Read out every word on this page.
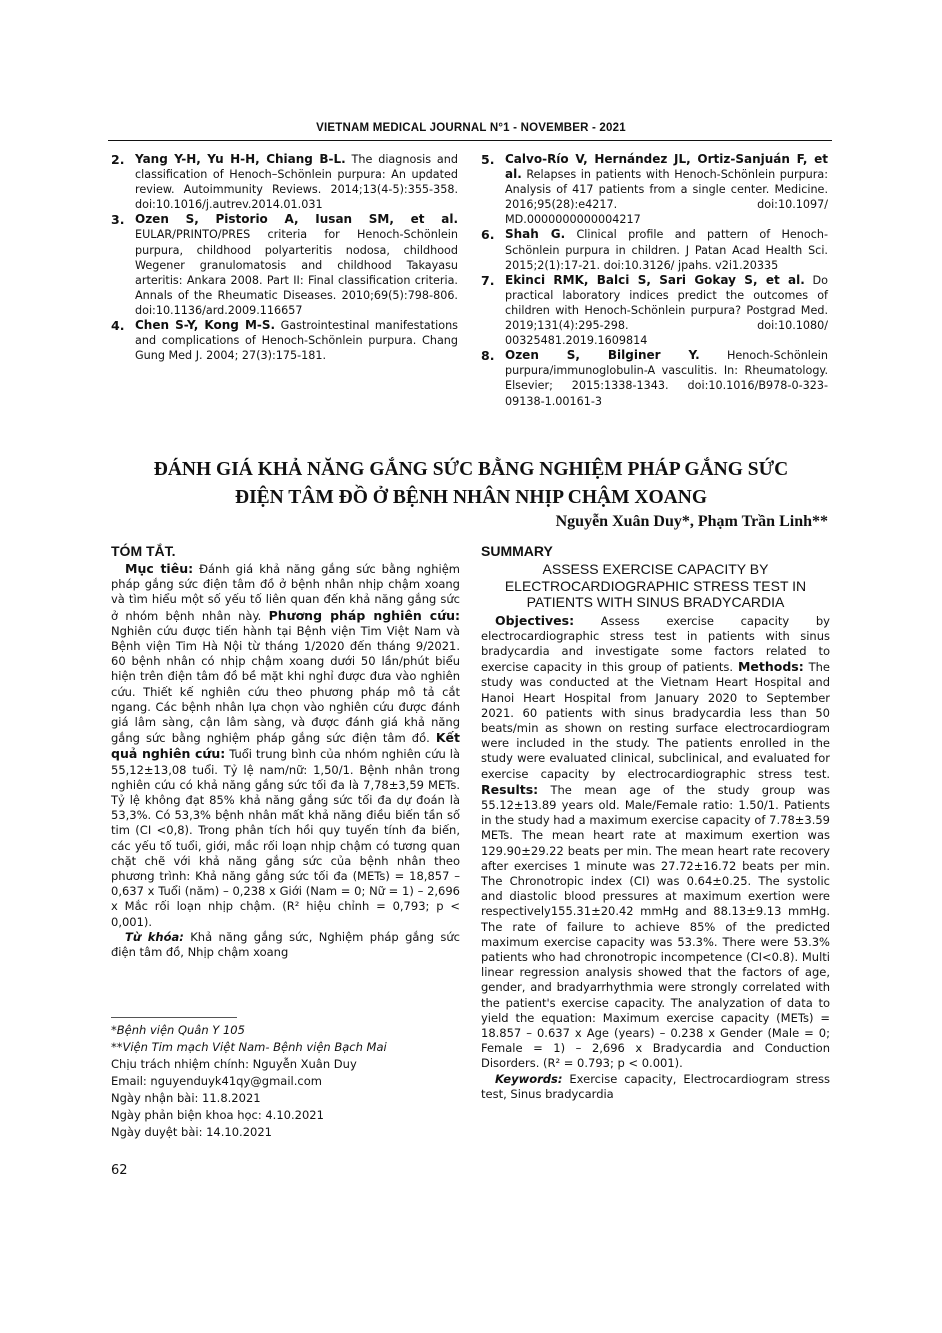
VIETNAM MEDICAL JOURNAL N°1 - NOVEMBER - 2021
2. Yang Y-H, Yu H-H, Chiang B-L. The diagnosis and classification of Henoch–Schönlein purpura: An updated review. Autoimmunity Reviews. 2014;13(4-5):355-358. doi:10.1016/j.autrev.2014.01.031
3. Ozen S, Pistorio A, Iusan SM, et al. EULAR/PRINTO/PRES criteria for Henoch-Schönlein purpura, childhood polyarteritis nodosa, childhood Wegener granulomatosis and childhood Takayasu arteritis: Ankara 2008. Part II: Final classification criteria. Annals of the Rheumatic Diseases. 2010;69(5):798-806. doi:10.1136/ard.2009.116657
4. Chen S-Y, Kong M-S. Gastrointestinal manifestations and complications of Henoch-Schönlein purpura. Chang Gung Med J. 2004; 27(3):175-181.
5. Calvo-Río V, Hernández JL, Ortiz-Sanjuán F, et al. Relapses in patients with Henoch-Schönlein purpura: Analysis of 417 patients from a single center. Medicine. 2016;95(28):e4217. doi:10.1097/ MD.0000000000004217
6. Shah G. Clinical profile and pattern of Henoch-Schönlein purpura in children. J Patan Acad Health Sci. 2015;2(1):17-21. doi:10.3126/ jpahs. v2i1.20335
7. Ekinci RMK, Balci S, Sari Gokay S, et al. Do practical laboratory indices predict the outcomes of children with Henoch-Schönlein purpura? Postgrad Med. 2019;131(4):295-298. doi:10.1080/ 00325481.2019.1609814
8. Ozen S, Bilginer Y. Henoch-Schönlein purpura/immunoglobulin-A vasculitis. In: Rheumatology. Elsevier; 2015:1338-1343. doi:10.1016/B978-0-323-09138-1.00161-3
ĐÁNH GIÁ KHẢ NĂNG GẮNG SỨC BẰNG NGHIỆM PHÁP GẮNG SỨC
ĐIỆN TÂM ĐỒ Ở BỆNH NHÂN NHỊP CHẬM XOANG
Nguyễn Xuân Duy*, Phạm Trần Linh**
TÓM TẮT.

Mục tiêu: Đánh giá khả năng gắng sức bằng nghiệm pháp gắng sức điện tâm đồ ở bệnh nhân nhịp chậm xoang và tìm hiểu một số yếu tố liên quan đến khả năng gắng sức ở nhóm bệnh nhân này. Phương pháp nghiên cứu: Nghiên cứu được tiến hành tại Bệnh viện Tim Việt Nam và Bệnh viện Tim Hà Nội từ tháng 1/2020 đến tháng 9/2021. 60 bệnh nhân có nhịp chậm xoang dưới 50 lần/phút biểu hiện trên điện tâm đồ bề mặt khi nghỉ được đưa vào nghiên cứu. Thiết kế nghiên cứu theo phương pháp mô tả cắt ngang. Các bệnh nhân lựa chọn vào nghiên cứu được đánh giá lâm sàng, cận lâm sàng, và được đánh giá khả năng gắng sức bằng nghiệm pháp gắng sức điện tâm đồ. Kết quả nghiên cứu: Tuổi trung bình của nhóm nghiên cứu là 55,12±13,08 tuổi. Tỷ lệ nam/nữ: 1,50/1. Bệnh nhân trong nghiên cứu có khả năng gắng sức tối đa là 7,78±3,59 METs. Tỷ lệ không đạt 85% khả năng gắng sức tối đa dự đoán là 53,3%. Có 53,3% bệnh nhân mất khả năng điều biến tần số tim (CI <0,8). Trong phân tích hồi quy tuyến tính đa biến, các yếu tố tuổi, giới, mắc rối loạn nhịp chậm có tương quan chặt chẽ với khả năng gắng sức của bệnh nhân theo phương trình: Khả năng gắng sức tối đa (METs) = 18,857 – 0,637 x Tuổi (năm) – 0,238 x Giới (Nam = 0; Nữ = 1) – 2,696 x Mắc rối loạn nhịp chậm. (R² hiệu chỉnh = 0,793; p < 0,001).

Từ khóa: Khả năng gắng sức, Nghiệm pháp gắng sức điện tâm đồ, Nhịp chậm xoang

*Bệnh viện Quân Y 105
**Viện Tim mạch Việt Nam- Bệnh viện Bạch Mai
Chịu trách nhiệm chính: Nguyễn Xuân Duy
Email: nguyenduyk41qy@gmail.com
Ngày nhận bài: 11.8.2021
Ngày phản biện khoa học: 4.10.2021
Ngày duyệt bài: 14.10.2021
SUMMARY
ASSESS EXERCISE CAPACITY BY ELECTROCARDIOGRAPHIC STRESS TEST IN PATIENTS WITH SINUS BRADYCARDIA

Objectives: Assess exercise capacity by electrocardiographic stress test in patients with sinus bradycardia and investigate some factors related to exercise capacity in this group of patients. Methods: The study was conducted at the Vietnam Heart Hospital and Hanoi Heart Hospital from January 2020 to September 2021. 60 patients with sinus bradycardia less than 50 beats/min as shown on resting surface electrocardiogram were included in the study. The patients enrolled in the study were evaluated clinical, subclinical, and evaluated for exercise capacity by electrocardiographic stress test. Results: The mean age of the study group was 55.12±13.89 years old. Male/Female ratio: 1.50/1. Patients in the study had a maximum exercise capacity of 7.78±3.59 METs. The mean heart rate at maximum exertion was 129.90±29.22 beats per min. The mean heart rate recovery after exercises 1 minute was 27.72±16.72 beats per min. The Chronotropic index (CI) was 0.64±0.25. The systolic and diastolic blood pressures at maximum exertion were respectively155.31±20.42 mmHg and 88.13±9.13 mmHg. The rate of failure to achieve 85% of the predicted maximum exercise capacity was 53.3%. There were 53.3% patients who had chronotropic incompetence (CI<0.8). Multi linear regression analysis showed that the factors of age, gender, and bradyarrhythmia were strongly correlated with the patient's exercise capacity. The analyzation of data to yield the equation: Maximum exercise capacity (METs) = 18.857 – 0.637 x Age (years) – 0.238 x Gender (Male = 0; Female = 1) – 2,696 x Bradycardia and Conduction Disorders. (R² = 0.793; p < 0.001).

Keywords: Exercise capacity, Electrocardiogram stress test, Sinus bradycardia

62
